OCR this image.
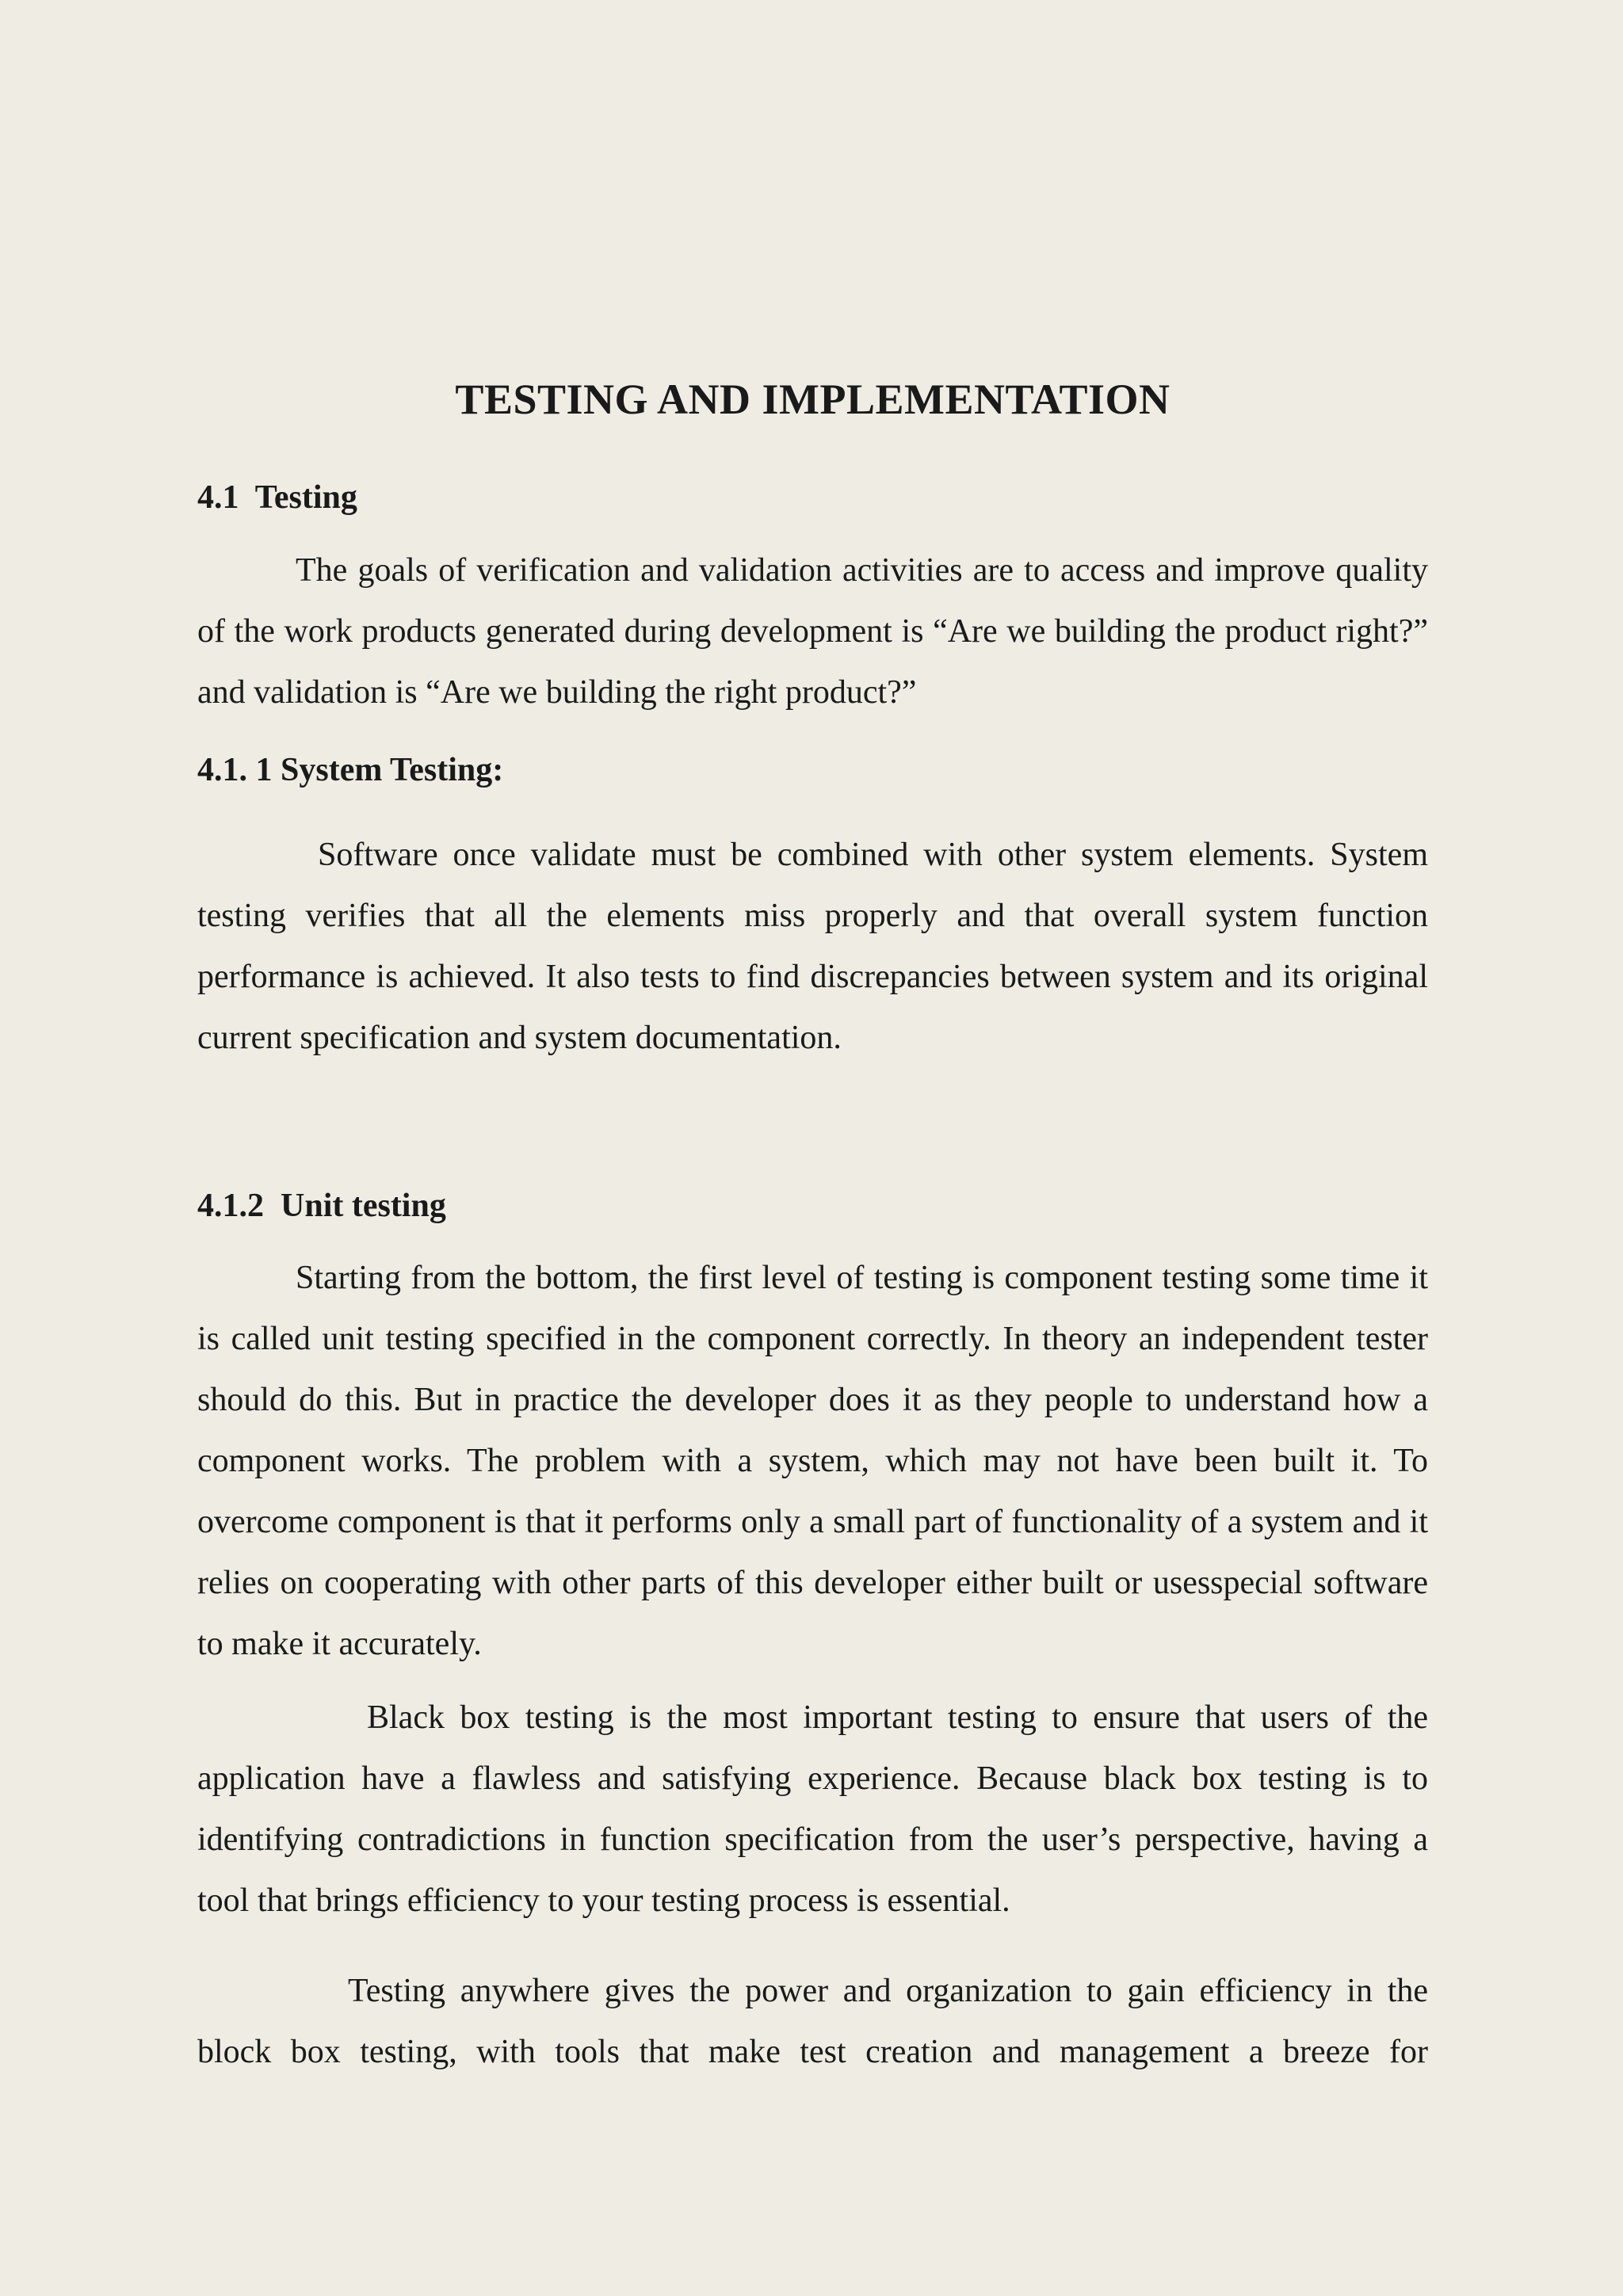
TESTING AND IMPLEMENTATION
4.1  Testing

The goals of verification and validation activities are to access and improve quality of the work products generated during development is “Are we building the product right?” and validation is “Are we building the right product?”

4.1. 1 System Testing:

Software once validate must be combined with other system elements. System testing verifies that all the elements miss properly and that overall system function performance is achieved. It also tests to find discrepancies between system and its original current specification and system documentation.

4.1.2  Unit testing

Starting from the bottom, the first level of testing is component testing some time it is called unit testing specified in the component correctly. In theory an independent tester should do this. But in practice the developer does it as they people to understand how a component works. The problem with a system, which may not have been built it. To overcome component is that it performs only a small part of functionality of a system and it relies on cooperating with other parts of this developer either built or usesspecial software to make it accurately.

Black box testing is the most important testing to ensure that users of the application have a flawless and satisfying experience. Because black box testing is to identifying contradictions in function specification from the user’s perspective, having a tool that brings efficiency to your testing process is essential.

Testing anywhere gives the power and organization to gain efficiency in the block box testing, with tools that make test creation and management a breeze for
